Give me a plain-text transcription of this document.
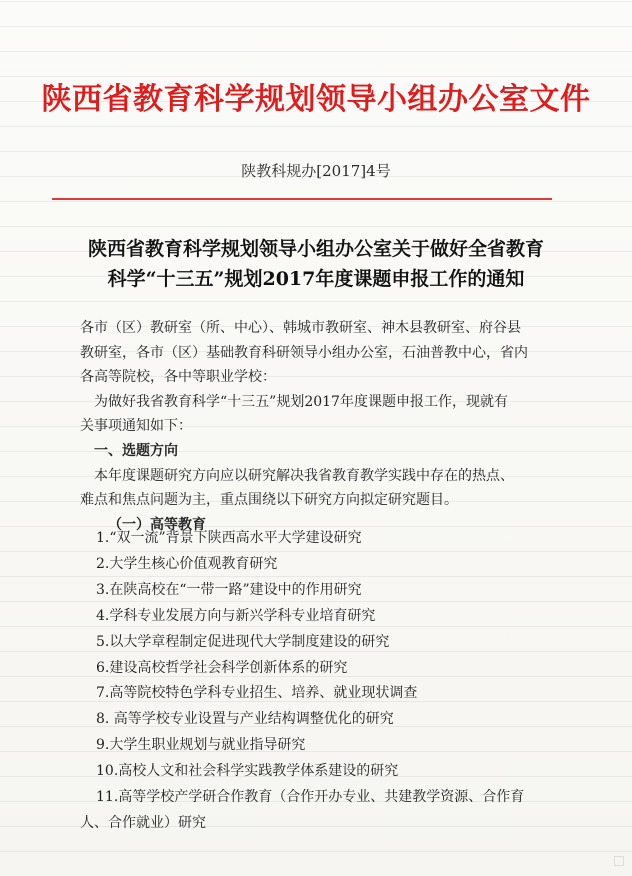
陕西省教育科学规划领导小组办公室文件
陕教科规办[2017]4号
陕西省教育科学规划领导小组办公室关于做好全省教育
科学“十三五”规划2017年度课题申报工作的通知
各市（区）教研室（所、中心）、韩城市教研室、神木县教研室、府谷县
教研室，各市（区）基础教育科研领导小组办公室，石油普教中心，省内
各高等院校，各中等职业学校：
为做好我省教育科学“十三五”规划2017年度课题申报工作，现就有
关事项通知如下：
一、选题方向
本年度课题研究方向应以研究解决我省教育教学实践中存在的热点、
难点和焦点问题为主，重点围绕以下研究方向拟定研究题目。
（一）高等教育
1.“双一流”背景下陕西高水平大学建设研究
2.大学生核心价值观教育研究
3.在陕高校在“一带一路”建设中的作用研究
4.学科专业发展方向与新兴学科专业培育研究
5.以大学章程制定促进现代大学制度建设的研究
6.建设高校哲学社会科学创新体系的研究
7.高等院校特色学科专业招生、培养、就业现状调查
8. 高等学校专业设置与产业结构调整优化的研究
9.大学生职业规划与就业指导研究
10.高校人文和社会科学实践教学体系建设的研究
11.高等学校产学研合作教育（合作开办专业、共建教学资源、合作育
人、合作就业）研究
